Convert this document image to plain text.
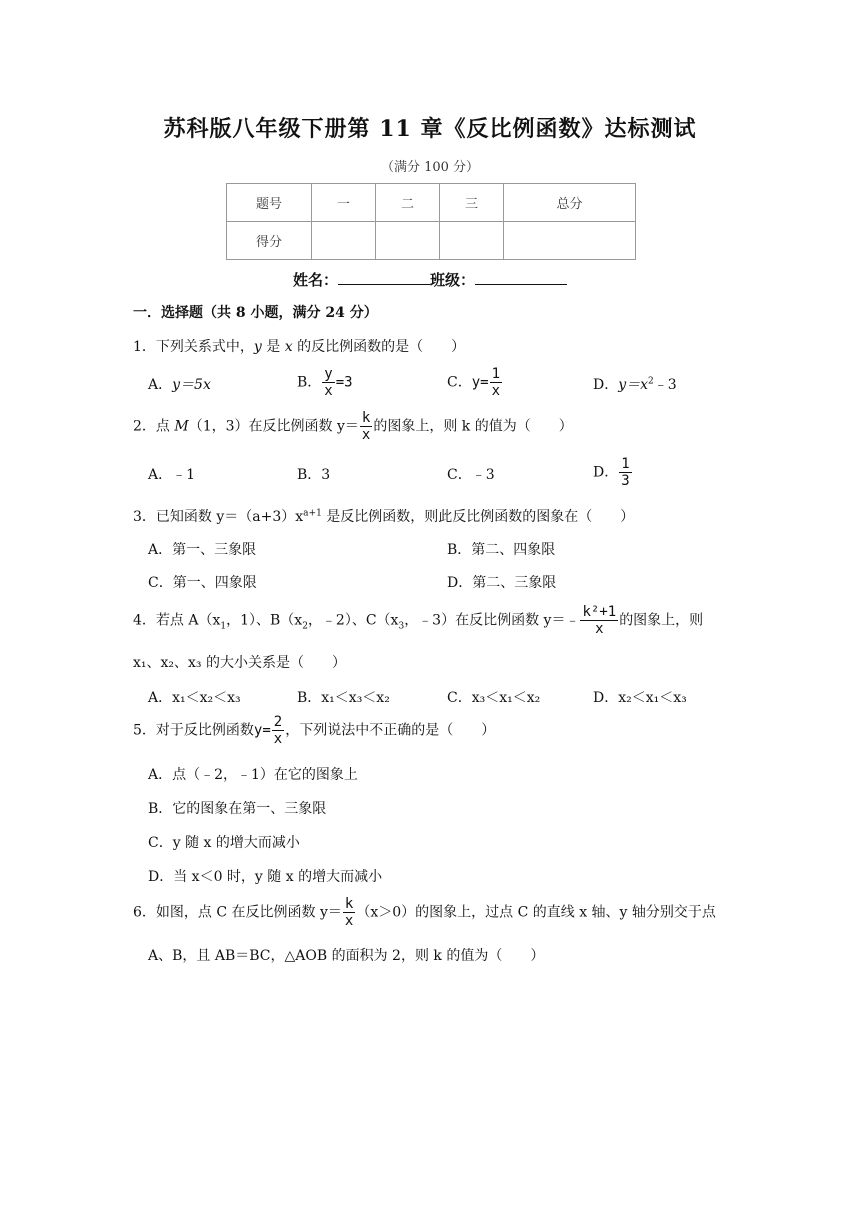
苏科版八年级下册第 11 章《反比例函数》达标测试
（满分 100 分）
题号	一	二	三	总分
得分				
姓名：	班级：
一．选择题（共 8 小题，满分 24 分）
1．下列关系式中，y 是 x 的反比例函数的是（　　）
A．y＝5x	B． $\frac{y}{x} =3$	C．$y= \frac{1}{x}$	D．$y=x^2﹣3$
2．点 M（1，3）在反比例函数 $y= \frac{k}{x}$ 的图象上，则 k 的值为（　　）
A．﹣1	B．3	C．﹣3	D． $\frac{1}{3}$
3．已知函数 $y=(a+3)x^{a+1}$ 是反比例函数，则此反比例函数的图象在（　　）
A．第一、三象限	B．第二、四象限
C．第一、四象限	D．第二、三象限
4．若点 $A(x_1$，1）、$B(x_2$，﹣2）、$C(x_3$，﹣3）在反比例函数 y＝﹣ $\frac{\text{k²+1}}{x}$ 的图象上，则
x₁、x₂、x₃ 的大小关系是（　　）
A．x₁＜x₂＜x₃	B．x₁＜x₃＜x₂	C．x₃＜x₁＜x₂	D．x₂＜x₁＜x₃
5．对于反比例函数$y= \frac{2}{x}$ ，下列说法中不正确的是（　　）
A．点（﹣2，﹣1）在它的图象上
B．它的图象在第一、三象限
C．y 随 x 的增大而减小
D．当 x＜0 时，y 随 x 的增大而减小
6．如图，点 C 在反比例函数 $y= \frac{k}{x} (x>0)$的图象上，过点 C 的直线 x 轴、y 轴分别交于点
A、B，且 AB＝BC，△AOB 的面积为 2，则 k 的值为（　　）
